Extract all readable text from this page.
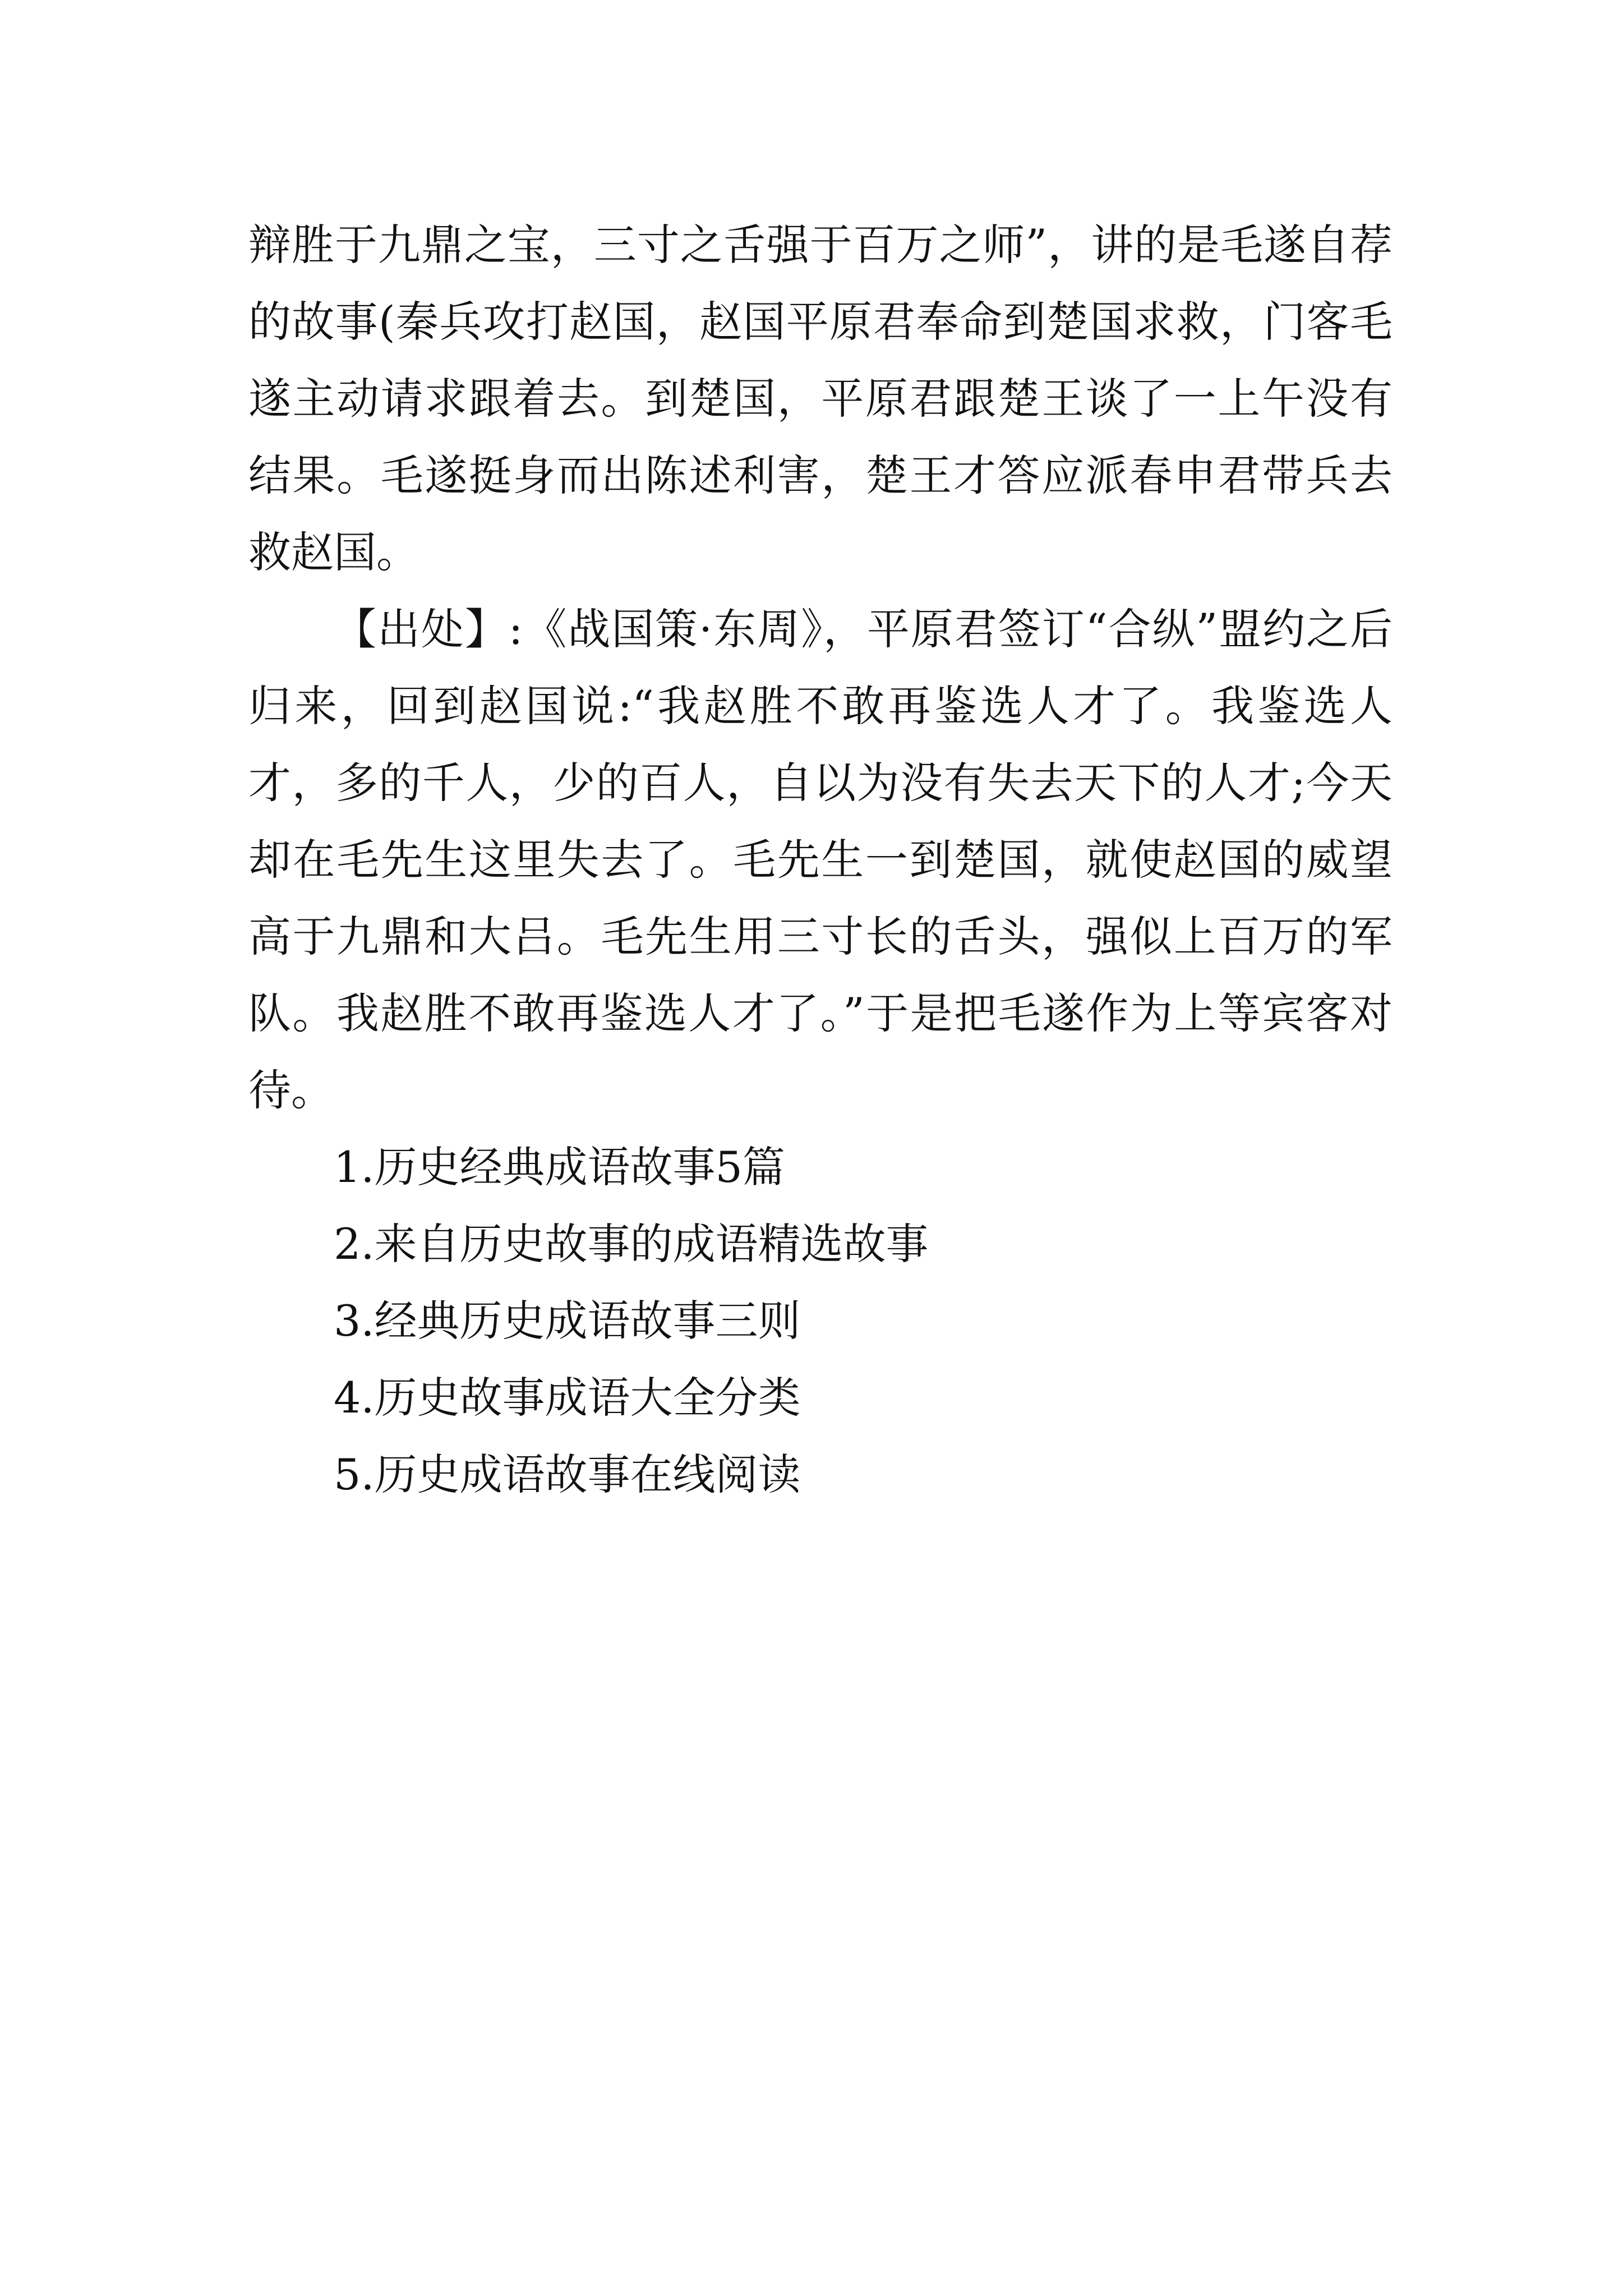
辩胜于九鼎之宝，三寸之舌强于百万之师”，讲的是毛遂自荐的故事(秦兵攻打赵国，赵国平原君奉命到楚国求救，门客毛遂主动请求跟着去。到楚国，平原君跟楚王谈了一上午没有结果。毛遂挺身而出陈述利害，楚王才答应派春申君带兵去救赵国。

【出处】:《战国策·东周》，平原君签订“合纵”盟约之后归来，回到赵国说:“我赵胜不敢再鉴选人才了。我鉴选人才，多的千人，少的百人，自以为没有失去天下的人才;今天却在毛先生这里失去了。毛先生一到楚国，就使赵国的威望高于九鼎和大吕。毛先生用三寸长的舌头，强似上百万的军队。我赵胜不敢再鉴选人才了。”于是把毛遂作为上等宾客对待。

1.历史经典成语故事5篇
2.来自历史故事的成语精选故事
3.经典历史成语故事三则
4.历史故事成语大全分类
5.历史成语故事在线阅读
